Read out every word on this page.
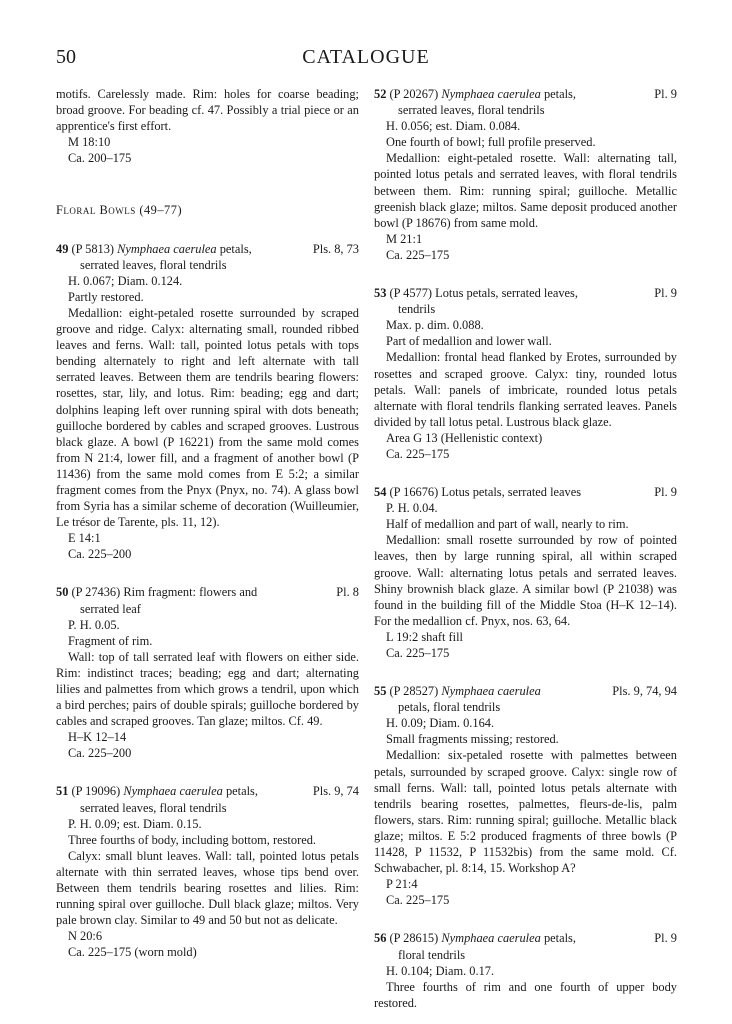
50	CATALOGUE

motifs. Carelessly made. Rim: holes for coarse beading; broad groove. For beading cf. 47. Possibly a trial piece or an apprentice's first effort.

M 18:10

Ca. 200–175

Floral Bowls (49–77)

49 (P 5813) Nymphaea caerulea petals,	Pls. 8, 73

serrated leaves, floral tendrils

H. 0.067; Diam. 0.124.

Partly restored.

Medallion: eight-petaled rosette surrounded by scraped groove and ridge. Calyx: alternating small, rounded ribbed leaves and ferns. Wall: tall, pointed lotus petals with tops bending alternately to right and left alternate with tall serrated leaves. Between them are tendrils bearing flowers: rosettes, star, lily, and lotus. Rim: beading; egg and dart; dolphins leaping left over running spiral with dots beneath; guilloche bordered by cables and scraped grooves. Lustrous black glaze. A bowl (P 16221) from the same mold comes from N 21:4, lower fill, and a fragment of another bowl (P 11436) from the same mold comes from E 5:2; a similar fragment comes from the Pnyx (Pnyx, no. 74). A glass bowl from Syria has a similar scheme of decoration (Wuilleumier, Le trésor de Tarente, pls. 11, 12).

E 14:1

Ca. 225–200

50 (P 27436) Rim fragment: flowers and	Pl. 8

serrated leaf

P. H. 0.05.

Fragment of rim.

Wall: top of tall serrated leaf with flowers on either side. Rim: indistinct traces; beading; egg and dart; alternating lilies and palmettes from which grows a tendril, upon which a bird perches; pairs of double spirals; guilloche bordered by cables and scraped grooves. Tan glaze; miltos. Cf. 49.

H–K 12–14

Ca. 225–200

51 (P 19096) Nymphaea caerulea petals,	Pls. 9, 74

serrated leaves, floral tendrils

P. H. 0.09; est. Diam. 0.15.

Three fourths of body, including bottom, restored.

Calyx: small blunt leaves. Wall: tall, pointed lotus petals alternate with thin serrated leaves, whose tips bend over. Between them tendrils bearing rosettes and lilies. Rim: running spiral over guilloche. Dull black glaze; miltos. Very pale brown clay. Similar to 49 and 50 but not as delicate.

N 20:6

Ca. 225–175 (worn mold)

52 (P 20267) Nymphaea caerulea petals,	Pl. 9

serrated leaves, floral tendrils

H. 0.056; est. Diam. 0.084.

One fourth of bowl; full profile preserved.

Medallion: eight-petaled rosette. Wall: alternating tall, pointed lotus petals and serrated leaves, with floral tendrils between them. Rim: running spiral; guilloche. Metallic greenish black glaze; miltos. Same deposit produced another bowl (P 18676) from same mold.

M 21:1

Ca. 225–175

53 (P 4577) Lotus petals, serrated leaves,	Pl. 9

tendrils

Max. p. dim. 0.088.

Part of medallion and lower wall.

Medallion: frontal head flanked by Erotes, surrounded by rosettes and scraped groove. Calyx: tiny, rounded lotus petals. Wall: panels of imbricate, rounded lotus petals alternate with floral tendrils flanking serrated leaves. Panels divided by tall lotus petal. Lustrous black glaze.

Area G 13 (Hellenistic context)

Ca. 225–175

54 (P 16676) Lotus petals, serrated leaves	Pl. 9

P. H. 0.04.

Half of medallion and part of wall, nearly to rim.

Medallion: small rosette surrounded by row of pointed leaves, then by large running spiral, all within scraped groove. Wall: alternating lotus petals and serrated leaves. Shiny brownish black glaze. A similar bowl (P 21038) was found in the building fill of the Middle Stoa (H–K 12–14). For the medallion cf. Pnyx, nos. 63, 64.

L 19:2 shaft fill

Ca. 225–175

55 (P 28527) Nymphaea caerulea	Pls. 9, 74, 94

petals, floral tendrils

H. 0.09; Diam. 0.164.

Small fragments missing; restored.

Medallion: six-petaled rosette with palmettes between petals, surrounded by scraped groove. Calyx: single row of small ferns. Wall: tall, pointed lotus petals alternate with tendrils bearing rosettes, palmettes, fleurs-de-lis, palm flowers, stars. Rim: running spiral; guilloche. Metallic black glaze; miltos. E 5:2 produced fragments of three bowls (P 11428, P 11532, P 11532bis) from the same mold. Cf. Schwabacher, pl. 8:14, 15. Workshop A?

P 21:4

Ca. 225–175

56 (P 28615) Nymphaea caerulea petals,	Pl. 9

floral tendrils

H. 0.104; Diam. 0.17.

Three fourths of rim and one fourth of upper body restored.
